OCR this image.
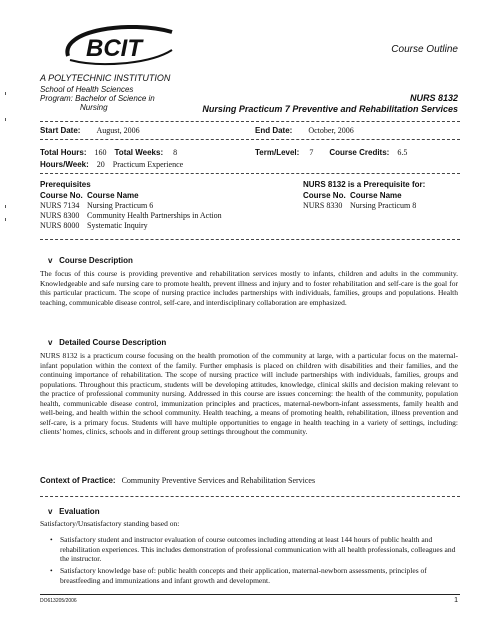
BCIT
A POLYTECHNIC INSTITUTION
Course Outline
School of Health Sciences
Program: Bachelor of Science in
Nursing
NURS 8132
Nursing Practicum 7 Preventive and Rehabilitation Services
Start Date: August, 2006	End Date: October, 2006
Total Hours: 160 Total Weeks: 8	Term/Level: 7 Course Credits: 6.5
Hours/Week: 20 Practicum Experience
Prerequisites
Course No. Course Name
NURS 7134 Nursing Practicum 6
NURS 8300 Community Health Partnerships in Action
NURS 8000 Systematic Inquiry
NURS 8132 is a Prerequisite for:
Course No. Course Name
NURS 8330 Nursing Practicum 8
v Course Description
The focus of this course is providing preventive and rehabilitation services mostly to infants, children and adults in the community. Knowledgeable and safe nursing care to promote health, prevent illness and injury and to foster rehabilitation and self-care is the goal for this particular practicum. The scope of nursing practice includes partnerships with individuals, families, groups and populations. Health teaching, communicable disease control, self-care, and interdisciplinary collaboration are emphasized.
v Detailed Course Description
NURS 8132 is a practicum course focusing on the health promotion of the community at large, with a particular focus on the maternal-infant population within the context of the family. Further emphasis is placed on children with disabilities and their families, and the continuing importance of rehabilitation. The scope of nursing practice will include partnerships with individuals, families, groups and populations. Throughout this practicum, students will be developing attitudes, knowledge, clinical skills and decision making relevant to the practice of professional community nursing. Addressed in this course are issues concerning: the health of the community, population health, communicable disease control, immunization principles and practices, maternal-newborn-infant assessments, family health and well-being, and health within the school community. Health teaching, a means of promoting health, rehabilitation, illness prevention and self-care, is a primary focus. Students will have multiple opportunities to engage in health teaching in a variety of settings, including: clients' homes, clinics, schools and in different group settings throughout the community.
Context of Practice: Community Preventive Services and Rehabilitation Services
v Evaluation
Satisfactory/Unsatisfactory standing based on:
• Satisfactory student and instructor evaluation of course outcomes including attending at least 144 hours of public health and rehabilitation experiences. This includes demonstration of professional communication with all health professionals, colleagues and the instructor.
• Satisfactory knowledge base of: public health concepts and their application, maternal-newborn assessments, principles of breastfeeding and immunizations and infant growth and development.
DO613205/2006	1
